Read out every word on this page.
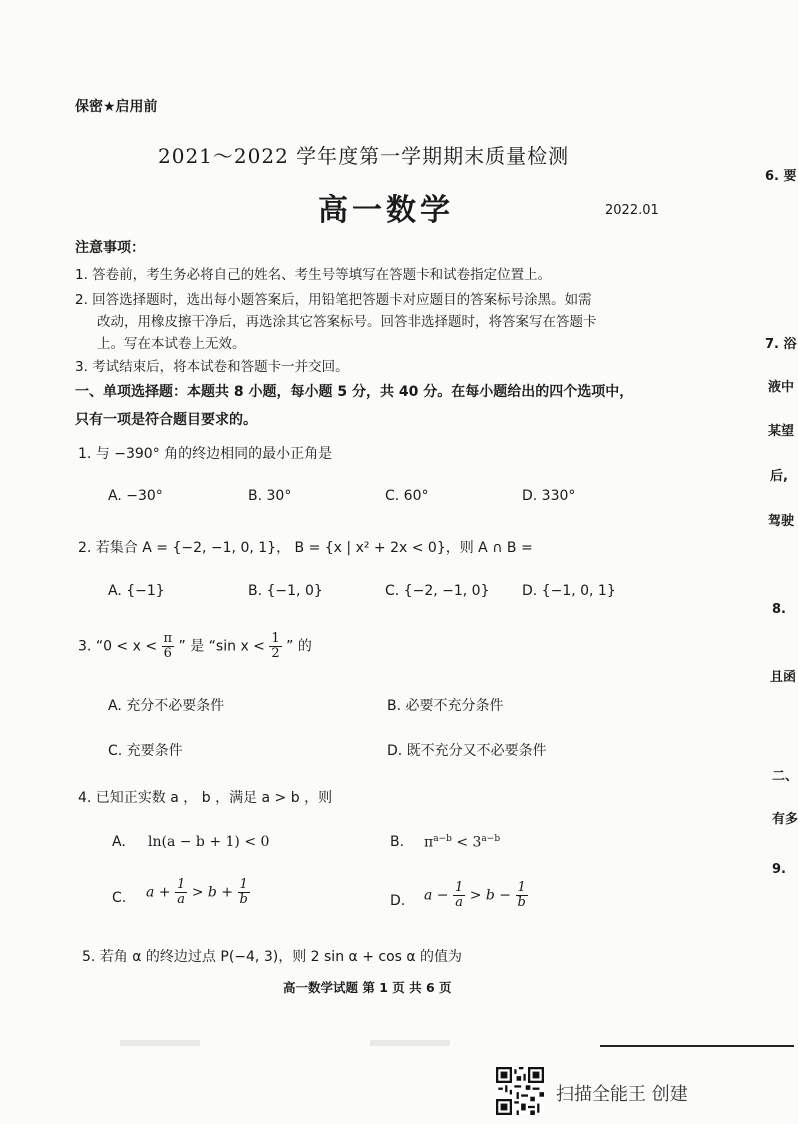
保密★启用前
2021～2022 学年度第一学期期末质量检测
高一数学	2022.01
注意事项：
1. 答卷前，考生务必将自己的姓名、考生号等填写在答题卡和试卷指定位置上。
2. 回答选择题时，选出每小题答案后，用铅笔把答题卡对应题目的答案标号涂黑。如需
改动，用橡皮擦干净后，再选涂其它答案标号。回答非选择题时，将答案写在答题卡
上。写在本试卷上无效。
3. 考试结束后，将本试卷和答题卡一并交回。
一、单项选择题：本题共 8 小题，每小题 5 分，共 40 分。在每小题给出的四个选项中，
只有一项是符合题目要求的。
1. 与 −390° 角的终边相同的最小正角是
A. −30°	B. 30°	C. 60°	D. 330°
2. 若集合 A = {−2, −1, 0, 1}， B = {x | x² + 2x < 0}，则 A ∩ B =
A. {−1}	B. {−1, 0}	C. {−2, −1, 0} D. {−1, 0, 1}
3. “$0 < x < \frac{\pi}{6}$ ” 是 “sin $x < \frac{1}{2}$ ” 的
A. 充分不必要条件	B. 必要不充分条件
C. 充要条件	D. 既不充分又不必要条件
4. 已知正实数 a ， b ，满足 a > b ，则
A. ln(a − b + 1) < 0	B. $\pi^{a-b} < 3^{a-b}$
C. $a + \frac{1}{a} > b + \frac{1}{b}$	D. $a - \frac{1}{a} > b - \frac{1}{b}$
5. 若角 α 的终边过点 P(−4, 3)，则 2 sin α + cos α 的值为
高一数学试题 第 1 页 共 6 页
6. 要
7. 浴
液中
某望
后,
驾驶
8.
且函
二、
有多
9.
扫描全能王 创建
